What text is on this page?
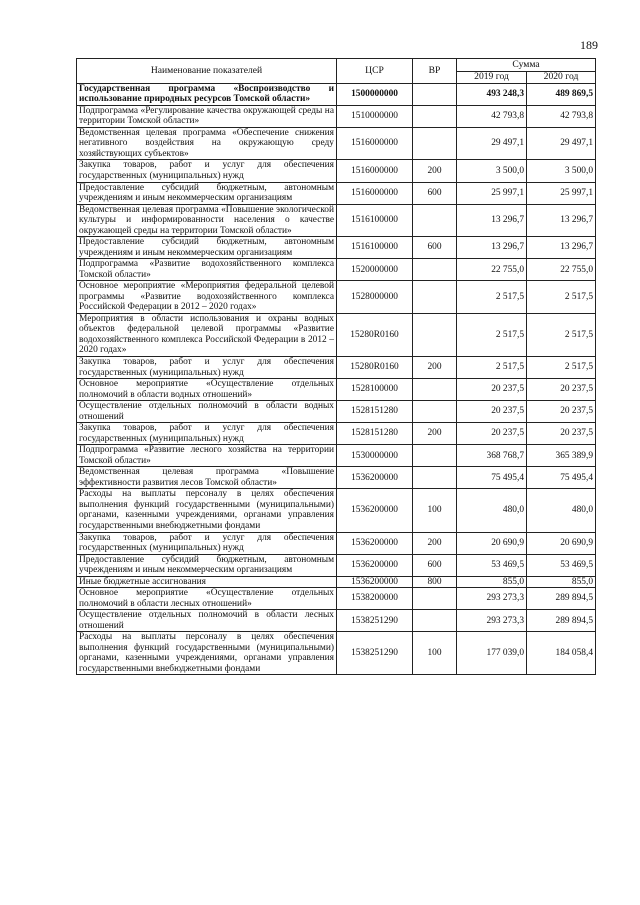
189
Наименование показателей	ЦСР	ВР	Сумма	
			2019 год	2020 год
Государственная программа «Воспроизводство и использование природных ресурсов Томской области»	1500000000		493 248,3	489 869,5
Подпрограмма «Регулирование качества окружающей среды на территории Томской области»	1510000000		42 793,8	42 793,8
Ведомственная целевая программа «Обеспечение снижения негативного воздействия на окружающую среду хозяйствующих субъектов»	1516000000		29 497,1	29 497,1
Закупка товаров, работ и услуг для обеспечения государственных (муниципальных) нужд	1516000000	200	3 500,0	3 500,0
Предоставление субсидий бюджетным, автономным учреждениям и иным некоммерческим организациям	1516000000	600	25 997,1	25 997,1
Ведомственная целевая программа «Повышение экологической культуры и информированности населения о качестве окружающей среды на территории Томской области»	1516100000		13 296,7	13 296,7
Предоставление субсидий бюджетным, автономным учреждениям и иным некоммерческим организациям	1516100000	600	13 296,7	13 296,7
Подпрограмма «Развитие водохозяйственного комплекса Томской области»	1520000000		22 755,0	22 755,0
Основное мероприятие «Мероприятия федеральной целевой программы «Развитие водохозяйственного комплекса Российской Федерации в 2012 – 2020 годах»	1528000000		2 517,5	2 517,5
Мероприятия в области использования и охраны водных объектов федеральной целевой программы «Развитие водохозяйственного комплекса Российской Федерации в 2012 – 2020 годах»	15280R0160		2 517,5	2 517,5
Закупка товаров, работ и услуг для обеспечения государственных (муниципальных) нужд	15280R0160	200	2 517,5	2 517,5
Основное мероприятие «Осуществление отдельных полномочий в области водных отношений»	1528100000		20 237,5	20 237,5
Осуществление отдельных полномочий в области водных отношений	1528151280		20 237,5	20 237,5
Закупка товаров, работ и услуг для обеспечения государственных (муниципальных) нужд	1528151280	200	20 237,5	20 237,5
Подпрограмма «Развитие лесного хозяйства на территории Томской области»	1530000000		368 768,7	365 389,9
Ведомственная целевая программа «Повышение эффективности развития лесов Томской области»	1536200000		75 495,4	75 495,4
Расходы на выплаты персоналу в целях обеспечения выполнения функций государственными (муниципальными) органами, казенными учреждениями, органами управления государственными внебюджетными фондами	1536200000	100	480,0	480,0
Закупка товаров, работ и услуг для обеспечения государственных (муниципальных) нужд	1536200000	200	20 690,9	20 690,9
Предоставление субсидий бюджетным, автономным учреждениям и иным некоммерческим организациям	1536200000	600	53 469,5	53 469,5
Иные бюджетные ассигнования	1536200000	800	855,0	855,0
Основное мероприятие «Осуществление отдельных полномочий в области лесных отношений»	1538200000		293 273,3	289 894,5
Осуществление отдельных полномочий в области лесных отношений	1538251290		293 273,3	289 894,5
Расходы на выплаты персоналу в целях обеспечения выполнения функций государственными (муниципальными) органами, казенными учреждениями, органами управления государственными внебюджетными фондами	1538251290	100	177 039,0	184 058,4
